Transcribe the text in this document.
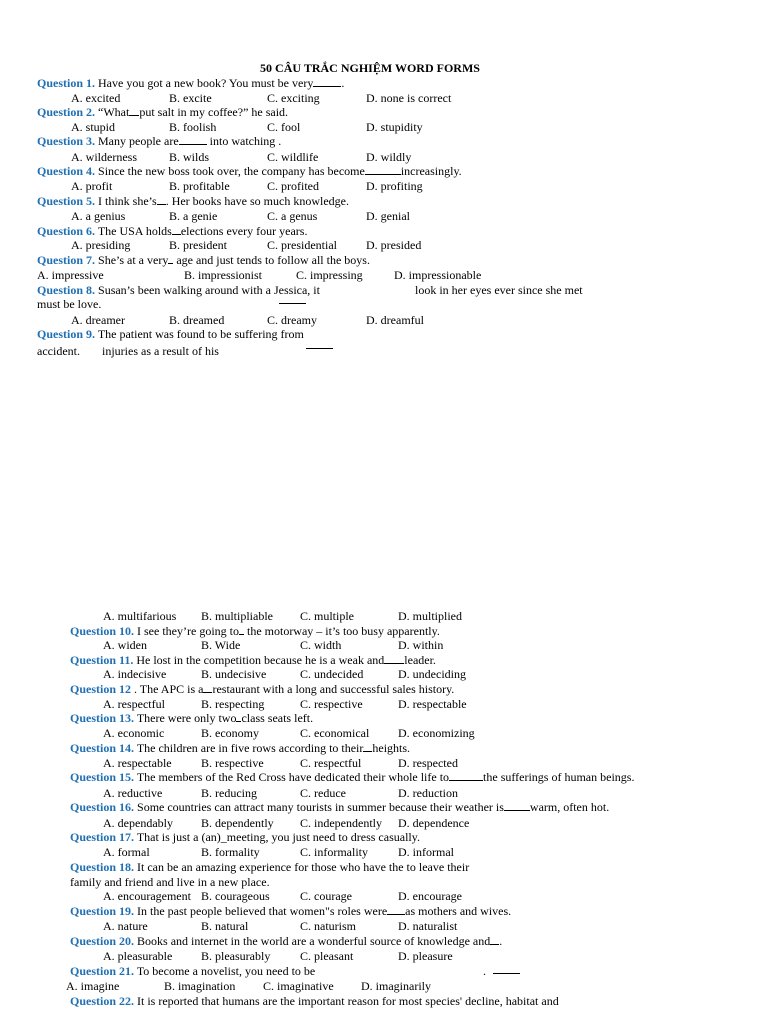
50 CÂU TRẮC NGHIỆM WORD FORMS
Question 1. Have you got a new book? You must be very .
A. excited	B. excite	C. exciting	D. none is correct
Question 2. “What put salt in my coffee?” he said.
A. stupid	B. foolish	C. fool	D. stupidity
Question 3. Many people are into watching .
A. wilderness	B. wilds	C. wildlife	D. wildly
Question 4. Since the new boss took over, the company has become	increasingly.
A. profit	B. profitable	C. profited	D. profiting
Question 5. I think she’s . Her books have so much knowledge.
A. a genius	B. a genie	C. a genus	D. genial
Question 6. The USA holds elections every four years.
A. presiding	B. president	C. presidential D. presided
Question 7. She’s at a very age and just tends to follow all the boys.
A. impressive	B. impressionist	C. impressing	D. impressionable
Question 8. Susan’s been walking around with a Jessica, it	look in her eyes ever since she met
must be love.
A. dreamer	B. dreamed	C. dreamy	D. dreamful
Question 9. The patient was found to be suffering from
accident. injuries as a result of his
A. multifarious B. multipliable C. multiple	D. multiplied
Question 10. I see they’re going to the motorway – it’s too busy apparently.
A. widen	B. Wide	C. width	D. within
Question 11. He lost in the competition because he is a weak and leader.
A. indecisive	B. undecisive	C. undecided	D. undeciding
Question 12 . The APC is a restaurant with a long and successful sales history.
A. respectful	B. respecting	C. respective	D. respectable
Question 13. There were only two class seats left.
A. economic	B. economy	C. economical D. economizing
Question 14. The children are in five rows according to their heights.
A. respectable B. respective	C. respectful	D. respected
Question 15. The members of the Red Cross have dedicated their whole life to	the sufferings of human beings.
A. reductive	B. reducing	C. reduce	D. reduction
Question 16. Some countries can attract many tourists in summer because their weather is warm, often hot.
A. dependably B. dependently C. independently D. dependence
Question 17. That is just a (an)_meeting, you just need to dress casually.
A. formal	B. formality	C. informality	D. informal
Question 18. It can be an amazing experience for those who have the to leave their
family and friend and live in a new place.
A. encouragement B. courageous	C. courage	D. encourage
Question 19. In the past people believed that women"s roles were as mothers and wives.
A. nature	B. natural	C. naturism	D. naturalist
Question 20. Books and internet in the world are a wonderful source of knowledge and .
A. pleasurable B. pleasurably C. pleasant	D. pleasure
Question 21. To become a novelist, you need to be	.
A. imagine	B. imagination C. imaginative D. imaginarily
Question 22. It is reported that humans are the important reason for most species' decline, habitat and
